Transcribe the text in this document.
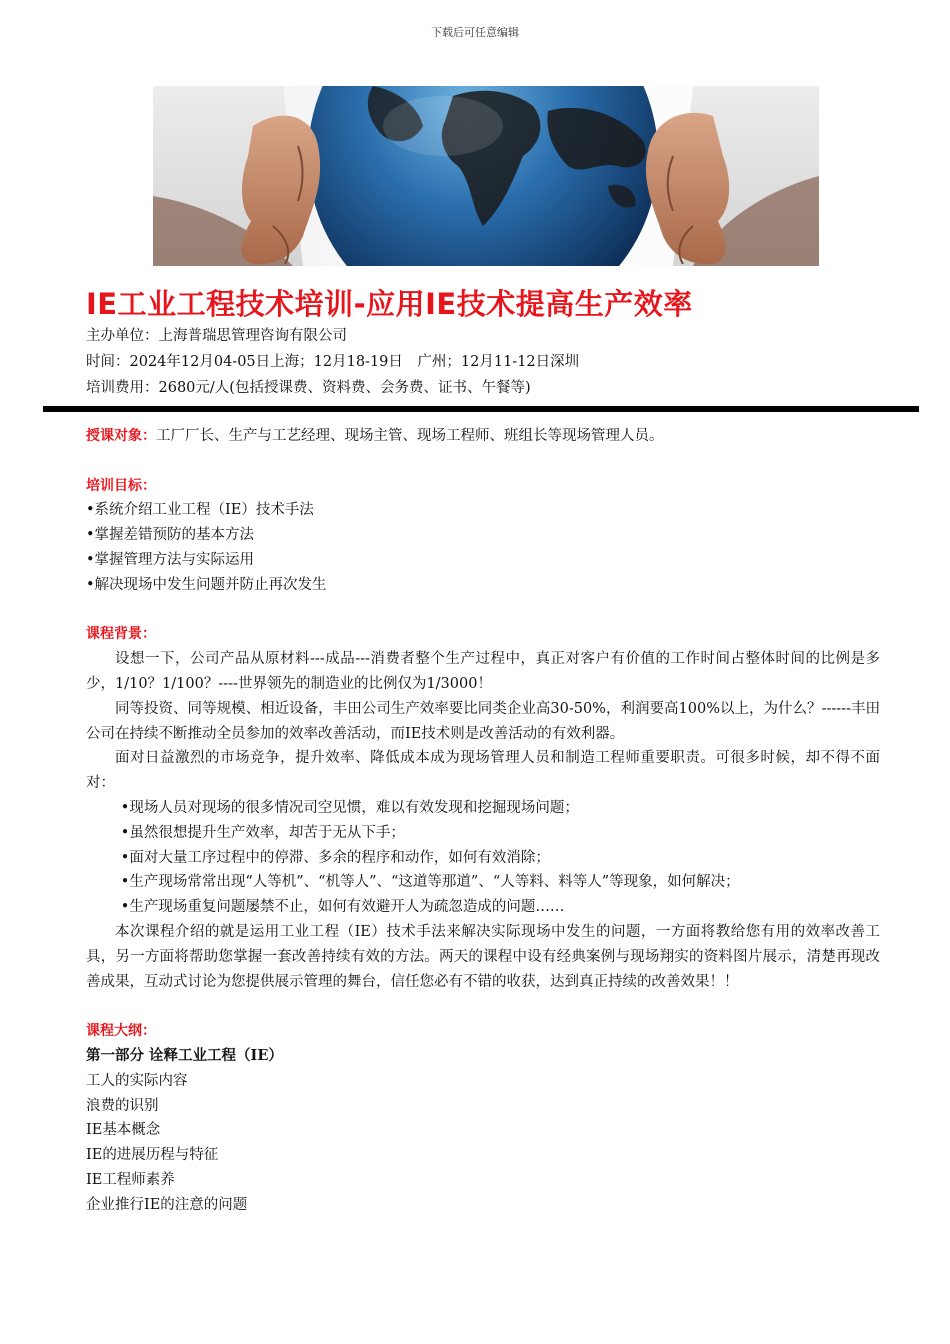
下载后可任意编辑
IE工业工程技术培训-应用IE技术提高生产效率
主办单位：上海普瑞思管理咨询有限公司
时间：2024年12月04-05日上海；12月18-19日　广州；12月11-12日深圳
培训费用：2680元/人(包括授课费、资料费、会务费、证书、午餐等)
授课对象：工厂厂长、生产与工艺经理、现场主管、现场工程师、班组长等现场管理人员。
培训目标：
•系统介绍工业工程（IE）技术手法
•掌握差错预防的基本方法
•掌握管理方法与实际运用
•解决现场中发生问题并防止再次发生
课程背景：
设想一下，公司产品从原材料---成品---消费者整个生产过程中，真正对客户有价值的工作时间占整体时间的比例是多少，1/10？1/100？----世界领先的制造业的比例仅为1/3000！
同等投资、同等规模、相近设备，丰田公司生产效率要比同类企业高30-50%，利润要高100%以上，为什么？------丰田公司在持续不断推动全员参加的效率改善活动，而IE技术则是改善活动的有效利器。
面对日益激烈的市场竞争，提升效率、降低成本成为现场管理人员和制造工程师重要职责。可很多时候，却不得不面对：
•现场人员对现场的很多情况司空见惯，难以有效发现和挖掘现场问题；
•虽然很想提升生产效率，却苦于无从下手；
•面对大量工序过程中的停滞、多余的程序和动作，如何有效消除；
•生产现场常常出现“人等机”、“机等人”、“这道等那道”、“人等料、料等人”等现象，如何解决；
•生产现场重复问题屡禁不止，如何有效避开人为疏忽造成的问题……
本次课程介绍的就是运用工业工程（IE）技术手法来解决实际现场中发生的问题，一方面将教给您有用的效率改善工具，另一方面将帮助您掌握一套改善持续有效的方法。两天的课程中设有经典案例与现场翔实的资料图片展示，清楚再现改善成果，互动式讨论为您提供展示管理的舞台，信任您必有不错的收获，达到真正持续的改善效果！！
课程大纲：
第一部分 诠释工业工程（IE）
工人的实际内容
浪费的识别
IE基本概念
IE的进展历程与特征
IE工程师素养
企业推行IE的注意的问题
